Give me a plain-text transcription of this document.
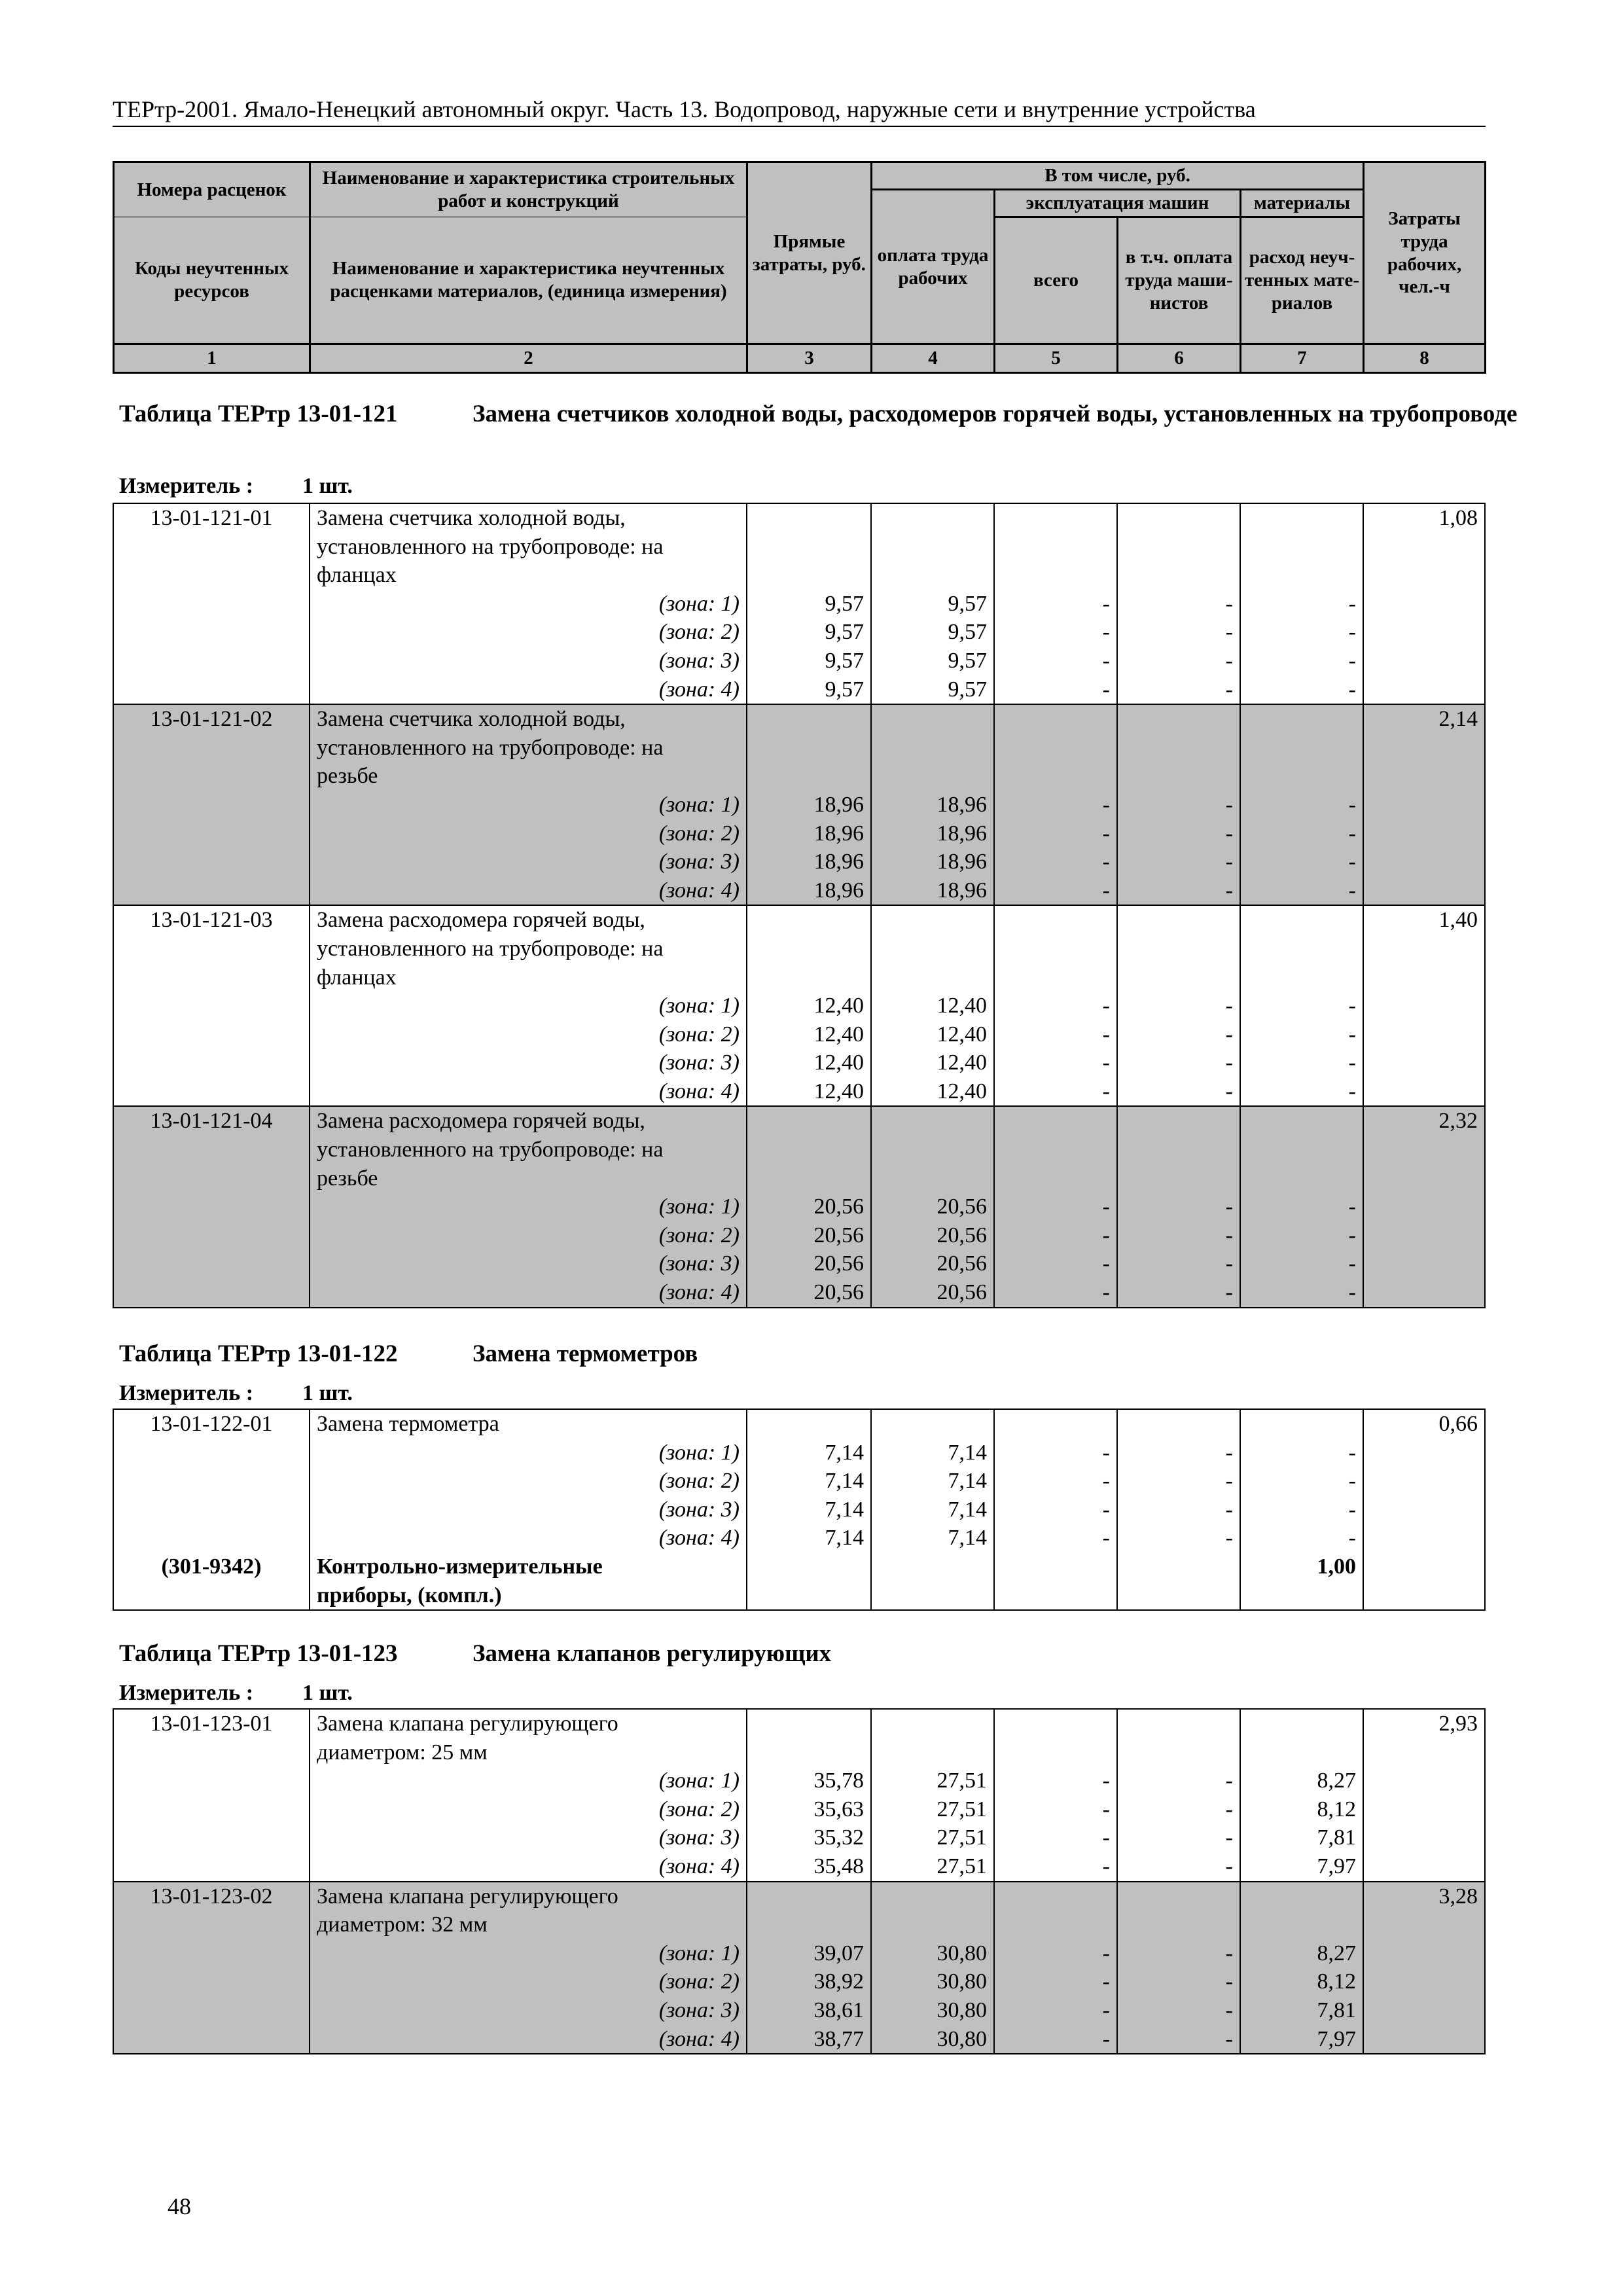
ТЕРтр-2001. Ямало-Ненецкий автономный округ. Часть 13. Водопровод, наружные сети и внутренние устройства
Номера расценок	Наименование и характеристика строительных работ и конструкций	Прямые затраты, руб.	В том числе, руб.				Затраты труда рабочих, чел.-ч
			оплата труда рабочих	эксплуатация машин		материалы	
Коды неучтенных ресурсов	Наименование и характеристика неучтенных расценками материалов, (единица измерения)			всего	в т.ч. оплата труда маши-нистов	расход неуч-тенных мате-риалов	

1	2	3	4	5	6	7	8
Таблица ТЕРтр 13-01-121	Замена счетчиков холодной воды, расходомеров горячей воды, установленных на трубопроводе
Измеритель : 1 шт.
13-01-121-01	Замена счетчика холодной воды,						1,08
	установленного на трубопроводе: на						
	фланцах						
	(зона: 1)	9,57	9,57	-	-	-	
	(зона: 2)	9,57	9,57	-	-	-	
	(зона: 3)	9,57	9,57	-	-	-	
	(зона: 4)	9,57	9,57	-	-	-	
13-01-121-02	Замена счетчика холодной воды,						2,14
	установленного на трубопроводе: на						
	резьбе						
	(зона: 1)	18,96	18,96	-	-	-	
	(зона: 2)	18,96	18,96	-	-	-	
	(зона: 3)	18,96	18,96	-	-	-	
	(зона: 4)	18,96	18,96	-	-	-	
13-01-121-03	Замена расходомера горячей воды,						1,40
	установленного на трубопроводе: на						
	фланцах						
	(зона: 1)	12,40	12,40	-	-	-	
	(зона: 2)	12,40	12,40	-	-	-	
	(зона: 3)	12,40	12,40	-	-	-	
	(зона: 4)	12,40	12,40	-	-	-	
13-01-121-04	Замена расходомера горячей воды,						2,32
	установленного на трубопроводе: на						
	резьбе						
	(зона: 1)	20,56	20,56	-	-	-	
	(зона: 2)	20,56	20,56	-	-	-	
	(зона: 3)	20,56	20,56	-	-	-	
	(зона: 4)	20,56	20,56	-	-	-	
Таблица ТЕРтр 13-01-122	Замена термометров
Измеритель : 1 шт.
13-01-122-01	Замена термометра						0,66
	(зона: 1)	7,14	7,14	-	-	-	
	(зона: 2)	7,14	7,14	-	-	-	
	(зона: 3)	7,14	7,14	-	-	-	
	(зона: 4)	7,14	7,14	-	-	-	
(301-9342)	Контрольно-измерительные					1,00	
	приборы, (компл.)						
Таблица ТЕРтр 13-01-123	Замена клапанов регулирующих
Измеритель : 1 шт.
13-01-123-01	Замена клапана регулирующего						2,93
	диаметром: 25 мм						
	(зона: 1)	35,78	27,51	-	-	8,27	
	(зона: 2)	35,63	27,51	-	-	8,12	
	(зона: 3)	35,32	27,51	-	-	7,81	
	(зона: 4)	35,48	27,51	-	-	7,97	
13-01-123-02	Замена клапана регулирующего						3,28
	диаметром: 32 мм						
	(зона: 1)	39,07	30,80	-	-	8,27	
	(зона: 2)	38,92	30,80	-	-	8,12	
	(зона: 3)	38,61	30,80	-	-	7,81	
	(зона: 4)	38,77	30,80	-	-	7,97	
48
